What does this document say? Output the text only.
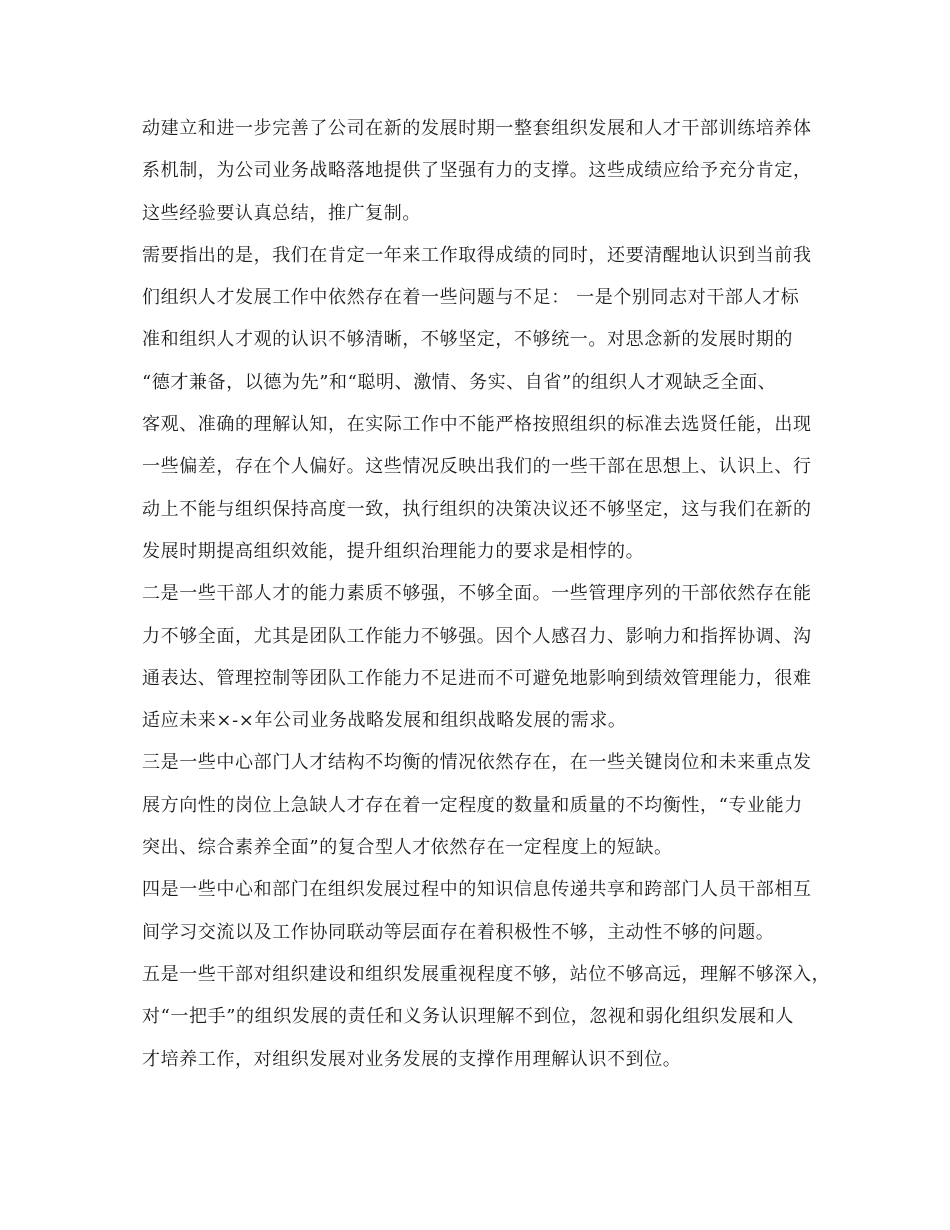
动建立和进一步完善了公司在新的发展时期一整套组织发展和人才干部训练培养体
系机制，为公司业务战略落地提供了坚强有力的支撑。这些成绩应给予充分肯定，
这些经验要认真总结，推广复制。
需要指出的是，我们在肯定一年来工作取得成绩的同时，还要清醒地认识到当前我
们组织人才发展工作中依然存在着一些问题与不足： 一是个别同志对干部人才标
准和组织人才观的认识不够清晰，不够坚定，不够统一。对思念新的发展时期的
“德才兼备，以德为先”和“聪明、激情、务实、自省”的组织人才观缺乏全面、
客观、准确的理解认知，在实际工作中不能严格按照组织的标准去选贤任能，出现
一些偏差，存在个人偏好。这些情况反映出我们的一些干部在思想上、认识上、行
动上不能与组织保持高度一致，执行组织的决策决议还不够坚定，这与我们在新的
发展时期提高组织效能，提升组织治理能力的要求是相悖的。
二是一些干部人才的能力素质不够强，不够全面。一些管理序列的干部依然存在能
力不够全面，尤其是团队工作能力不够强。因个人感召力、影响力和指挥协调、沟
通表达、管理控制等团队工作能力不足进而不可避免地影响到绩效管理能力，很难
适应未来×-×年公司业务战略发展和组织战略发展的需求。
三是一些中心部门人才结构不均衡的情况依然存在，在一些关键岗位和未来重点发
展方向性的岗位上急缺人才存在着一定程度的数量和质量的不均衡性，“专业能力
突出、综合素养全面”的复合型人才依然存在一定程度上的短缺。
四是一些中心和部门在组织发展过程中的知识信息传递共享和跨部门人员干部相互
间学习交流以及工作协同联动等层面存在着积极性不够，主动性不够的问题。
五是一些干部对组织建设和组织发展重视程度不够，站位不够高远，理解不够深入，
对“一把手”的组织发展的责任和义务认识理解不到位，忽视和弱化组织发展和人
才培养工作，对组织发展对业务发展的支撑作用理解认识不到位。
